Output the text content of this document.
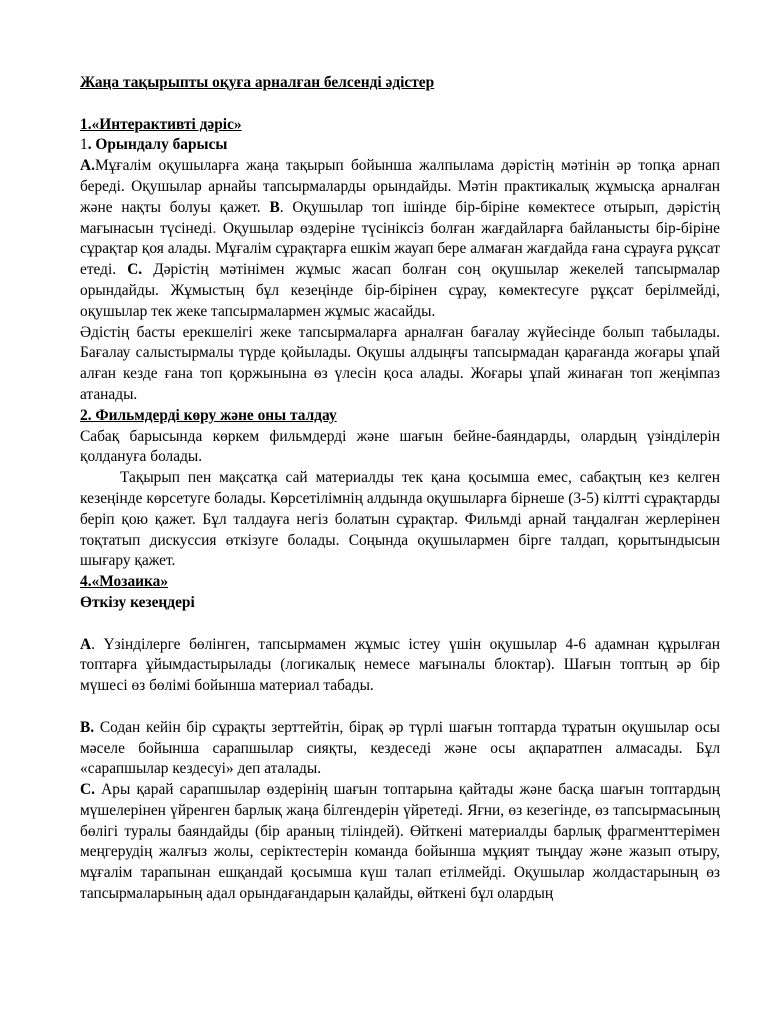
Жаңа тақырыпты оқуға арналған белсенді әдістер

1.«Интерактивті дәріс»

1. Орындалу барысы

А.Мұғалім оқушыларға жаңа тақырып бойынша жалпылама дәрістің мәтінін әр топқа арнап береді. Оқушылар арнайы тапсырмаларды орындайды. Мәтін практикалық жұмысқа арналған және нақты болуы қажет. В. Оқушылар топ ішінде бір-біріне көмектесе отырып, дәрістің мағынасын түсінеді. Оқушылар өздеріне түсініксіз болған жағдайларға байланысты бір-біріне сұрақтар қоя алады. Мұғалім сұрақтарға ешкім жауап бере алмаған жағдайда ғана сұрауға рұқсат етеді. С. Дәрістің мәтінімен жұмыс жасап болған соң оқушылар жекелей тапсырмалар орындайды. Жұмыстың бұл кезеңінде бір-бірінен сұрау, көмектесуге рұқсат берілмейді, оқушылар тек жеке тапсырмалармен жұмыс жасайды.

Әдістің басты ерекшелігі жеке тапсырмаларға арналған бағалау жүйесінде болып табылады. Бағалау салыстырмалы түрде қойылады. Оқушы алдыңғы тапсырмадан қарағанда жоғары ұпай алған кезде ғана топ қоржынына өз үлесін қоса алады. Жоғары ұпай жинаған топ жеңімпаз атанады.

2. Фильмдерді көру және оны талдау

Сабақ барысында көркем фильмдерді және шағын бейне-баяндарды, олардың үзінділерін қолдануға болады.

Тақырып пен мақсатқа сай материалды тек қана қосымша емес, сабақтың кез келген кезеңінде көрсетуге болады. Көрсетілімнің алдында оқушыларға бірнеше (3-5) кілтті сұрақтарды беріп қою қажет. Бұл талдауға негіз болатын сұрақтар. Фильмді арнай таңдалған жерлерінен тоқтатып дискуссия өткізуге болады. Соңында оқушылармен бірге талдап, қорытындысын шығару қажет.

4.«Мозаика»

Өткізу кезеңдері

А. Үзінділерге бөлінген, тапсырмамен жұмыс істеу үшін оқушылар 4-6 адамнан құрылған топтарға ұйымдастырылады (логикалық немесе мағыналы блоктар). Шағын топтың әр бір мүшесі өз бөлімі бойынша материал табады.

В. Содан кейін бір сұрақты зерттейтін, бірақ әр түрлі шағын топтарда тұратын оқушылар осы мәселе бойынша сарапшылар сияқты, кездеседі және осы ақпаратпен алмасады. Бұл «сарапшылар кездесуі» деп аталады.

С. Ары қарай сарапшылар өздерінің шағын топтарына қайтады және басқа шағын топтардың мүшелерінен үйренген барлық жаңа білгендерін үйретеді. Яғни, өз кезегінде, өз тапсырмасының бөлігі туралы баяндайды (бір араның тіліндей). Өйткені материалды барлық фрагменттерімен меңгерудің жалғыз жолы, серіктестерін команда бойынша мұқият тыңдау және жазып отыру, мұғалім тарапынан ешқандай қосымша күш талап етілмейді. Оқушылар жолдастарының өз тапсырмаларының адал орындағандарын қалайды, өйткені бұл олардың
